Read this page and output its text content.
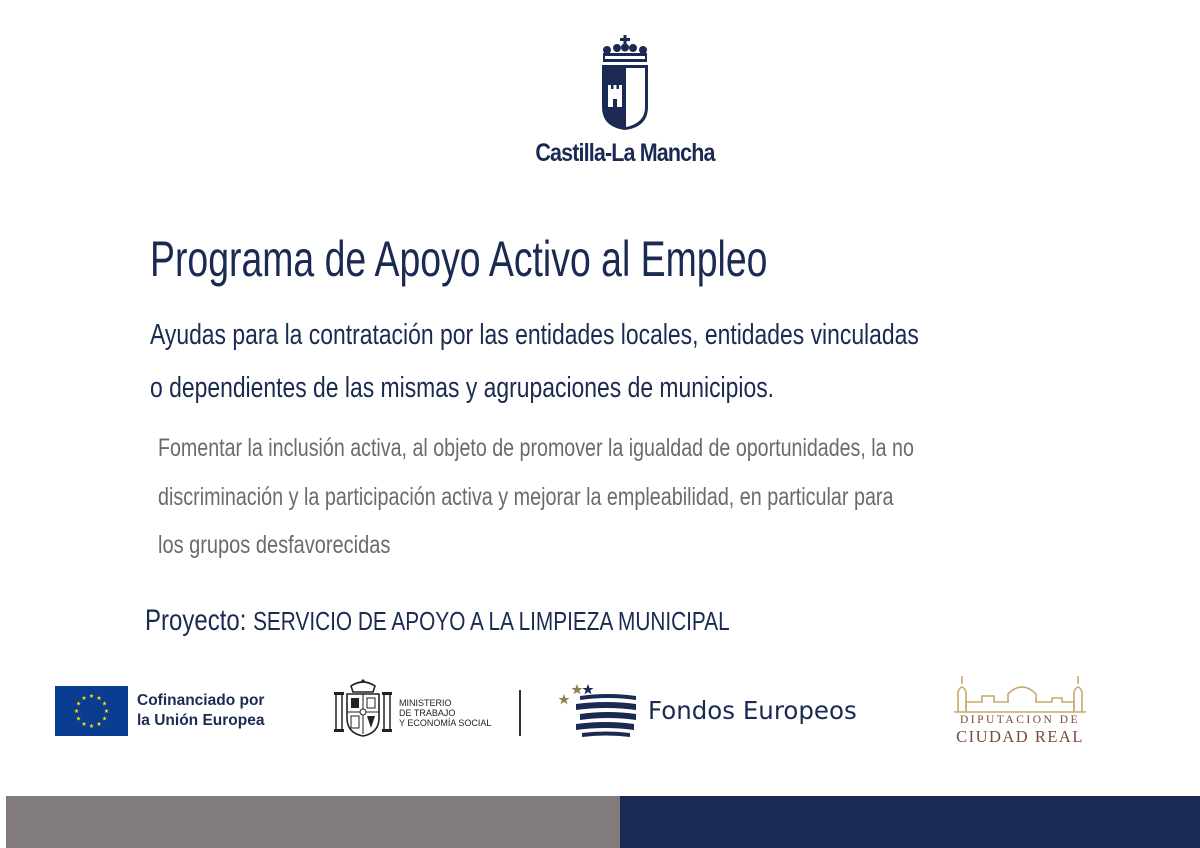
Castilla-La Mancha
Programa de Apoyo Activo al Empleo
Ayudas para la contratación por las entidades locales, entidades vinculadas
o dependientes de las mismas y agrupaciones de municipios.
Fomentar la inclusión activa, al objeto de promover la igualdad de oportunidades, la no
discriminación y la participación activa y mejorar la empleabilidad, en particular para
los grupos desfavorecidas
Proyecto: SERVICIO DE APOYO A LA LIMPIEZA MUNICIPAL
Cofinanciado por
la Unión Europea
MINISTERIO
DE TRABAJO
Y ECONOMÍA SOCIAL	Fondos Europeos	DIPUTACION DE
CIUDAD REAL
